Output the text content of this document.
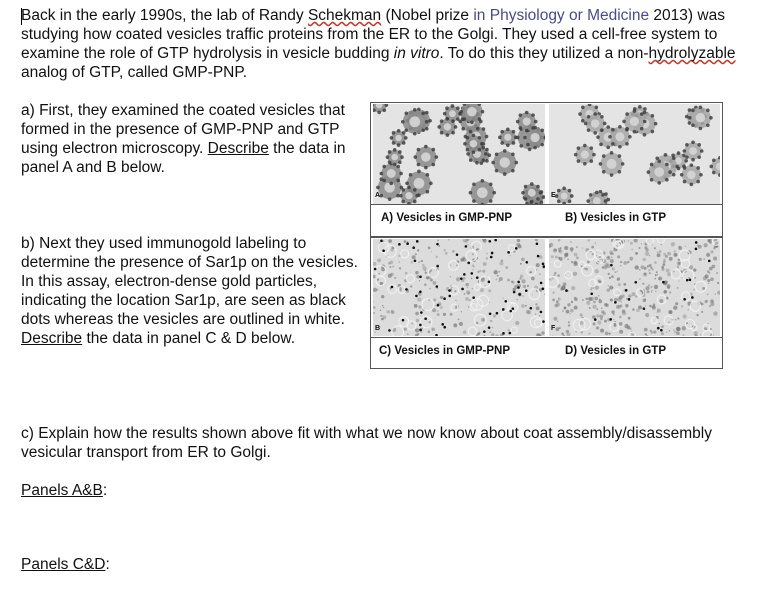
Back in the early 1990s, the lab of Randy Schekman (Nobel prize in Physiology or Medicine 2013) was studying how coated vesicles traffic proteins from the ER to the Golgi. They used a cell-free system to examine the role of GTP hydrolysis in vesicle budding in vitro. To do this they utilized a non-hydrolyzable analog of GTP, called GMP-PNP.

a) First, they examined the coated vesicles that formed in the presence of GMP-PNP and GTP using electron microscopy. Describe the data in panel A and B below.

b) Next they used immunogold labeling to determine the presence of Sar1p on the vesicles. In this assay, electron-dense gold particles, indicating the location Sar1p, are seen as black dots whereas the vesicles are outlined in white. Describe the data in panel C & D below.

c) Explain how the results shown above fit with what we now know about coat assembly/disassembly vesicular transport from ER to Golgi.

Panels A&B:
Panels C&D:
A	E
A) Vesicles in GMP-PNP	B) Vesicles in GTP
B	F
C) Vesicles in GMP-PNP	D) Vesicles in GTP
